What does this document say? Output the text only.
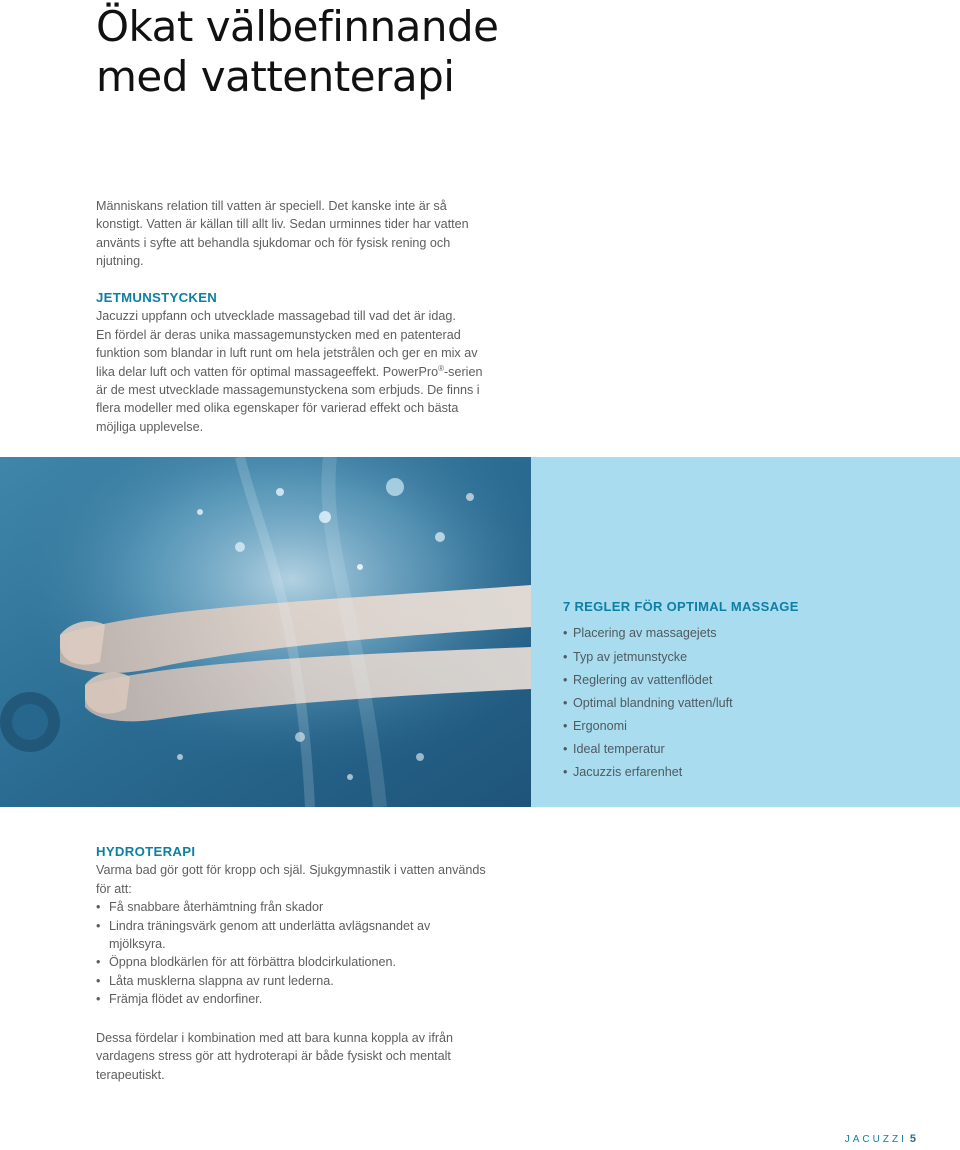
Ökat välbefinnande
med vattenterapi

Människans relation till vatten är speciell. Det kanske inte är så konstigt. Vatten är källan till allt liv. Sedan urminnes tider har vatten använts i syfte att behandla sjukdomar och för fysisk rening och njutning.

JETMUNSTYCKEN

Jacuzzi uppfann och utvecklade massagebad till vad det är idag.

En fördel är deras unika massagemunstycken med en patenterad funktion som blandar in luft runt om hela jetstrålen och ger en mix av lika delar luft och vatten för optimal massageeffekt. PowerPro®-serien är de mest utvecklade massagemunstyckena som erbjuds. De finns i flera modeller med olika egenskaper för varierad effekt och bästa möjliga upplevelse.

7 REGLER FÖR OPTIMAL MASSAGE
• Placering av massagejets
• Typ av jetmunstycke
• Reglering av vattenflödet
• Optimal blandning vatten/luft
• Ergonomi
• Ideal temperatur
• Jacuzzis erfarenhet
HYDROTERAPI

Varma bad gör gott för kropp och själ. Sjukgymnastik i vatten används för att:

• Få snabbare återhämtning från skador
• Lindra träningsvärk genom att underlätta avlägsnandet av mjölksyra.
• Öppna blodkärlen för att förbättra blodcirkulationen.
• Låta musklerna slappna av runt lederna.
• Främja flödet av endorfiner.

Dessa fördelar i kombination med att bara kunna koppla av ifrån vardagens stress gör att hydroterapi är både fysiskt och mentalt terapeutiskt.

JACUZZI 5
